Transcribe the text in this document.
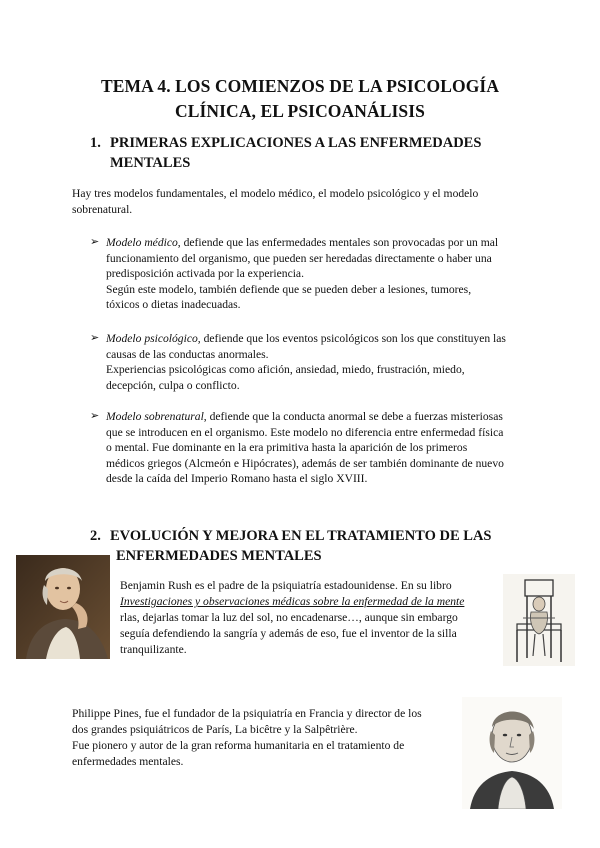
TEMA 4. LOS COMIENZOS DE LA PSICOLOGÍA
CLÍNICA, EL PSICOANÁLISIS
1. PRIMERAS EXPLICACIONES A LAS ENFERMEDADES
MENTALES
Hay tres modelos fundamentales, el modelo médico, el modelo psicológico y el modelo
sobrenatural.
➢ Modelo médico, defiende que las enfermedades mentales son provocadas por un mal
funcionamiento del organismo, que pueden ser heredadas directamente o haber una
predisposición activada por la experiencia.
Según este modelo, también defiende que se pueden deber a lesiones, tumores,
tóxicos o dietas inadecuadas.
➢ Modelo psicológico, defiende que los eventos psicológicos son los que constituyen las
causas de las conductas anormales.
Experiencias psicológicas como afición, ansiedad, miedo, frustración, miedo,
decepción, culpa o conflicto.
➢ Modelo sobrenatural, defiende que la conducta anormal se debe a fuerzas misteriosas
que se introducen en el organismo. Este modelo no diferencia entre enfermedad física
o mental. Fue dominante en la era primitiva hasta la aparición de los primeros
médicos griegos (Alcmeón e Hipócrates), además de ser también dominante de nuevo
desde la caída del Imperio Romano hasta el siglo XVIII.
2. EVOLUCIÓN Y MEJORA EN EL TRATAMIENTO DE LAS
ENFERMEDADES MENTALES
Benjamin Rush es el padre de la psiquiatría estadounidense. En su libro
Investigaciones y observaciones médicas sobre la enfermedad de la mente
rlas, dejarlas tomar la luz del sol, no encadenarse…, aunque sin embargo
seguía defendiendo la sangría y además de eso, fue el inventor de la silla
tranquilizante.
Philippe Pines, fue el fundador de la psiquiatría en Francia y director de los
dos grandes psiquiátricos de París, La bicêtre y la Salpêtrière.
Fue pionero y autor de la gran reforma humanitaria en el tratamiento de
enfermedades mentales.
